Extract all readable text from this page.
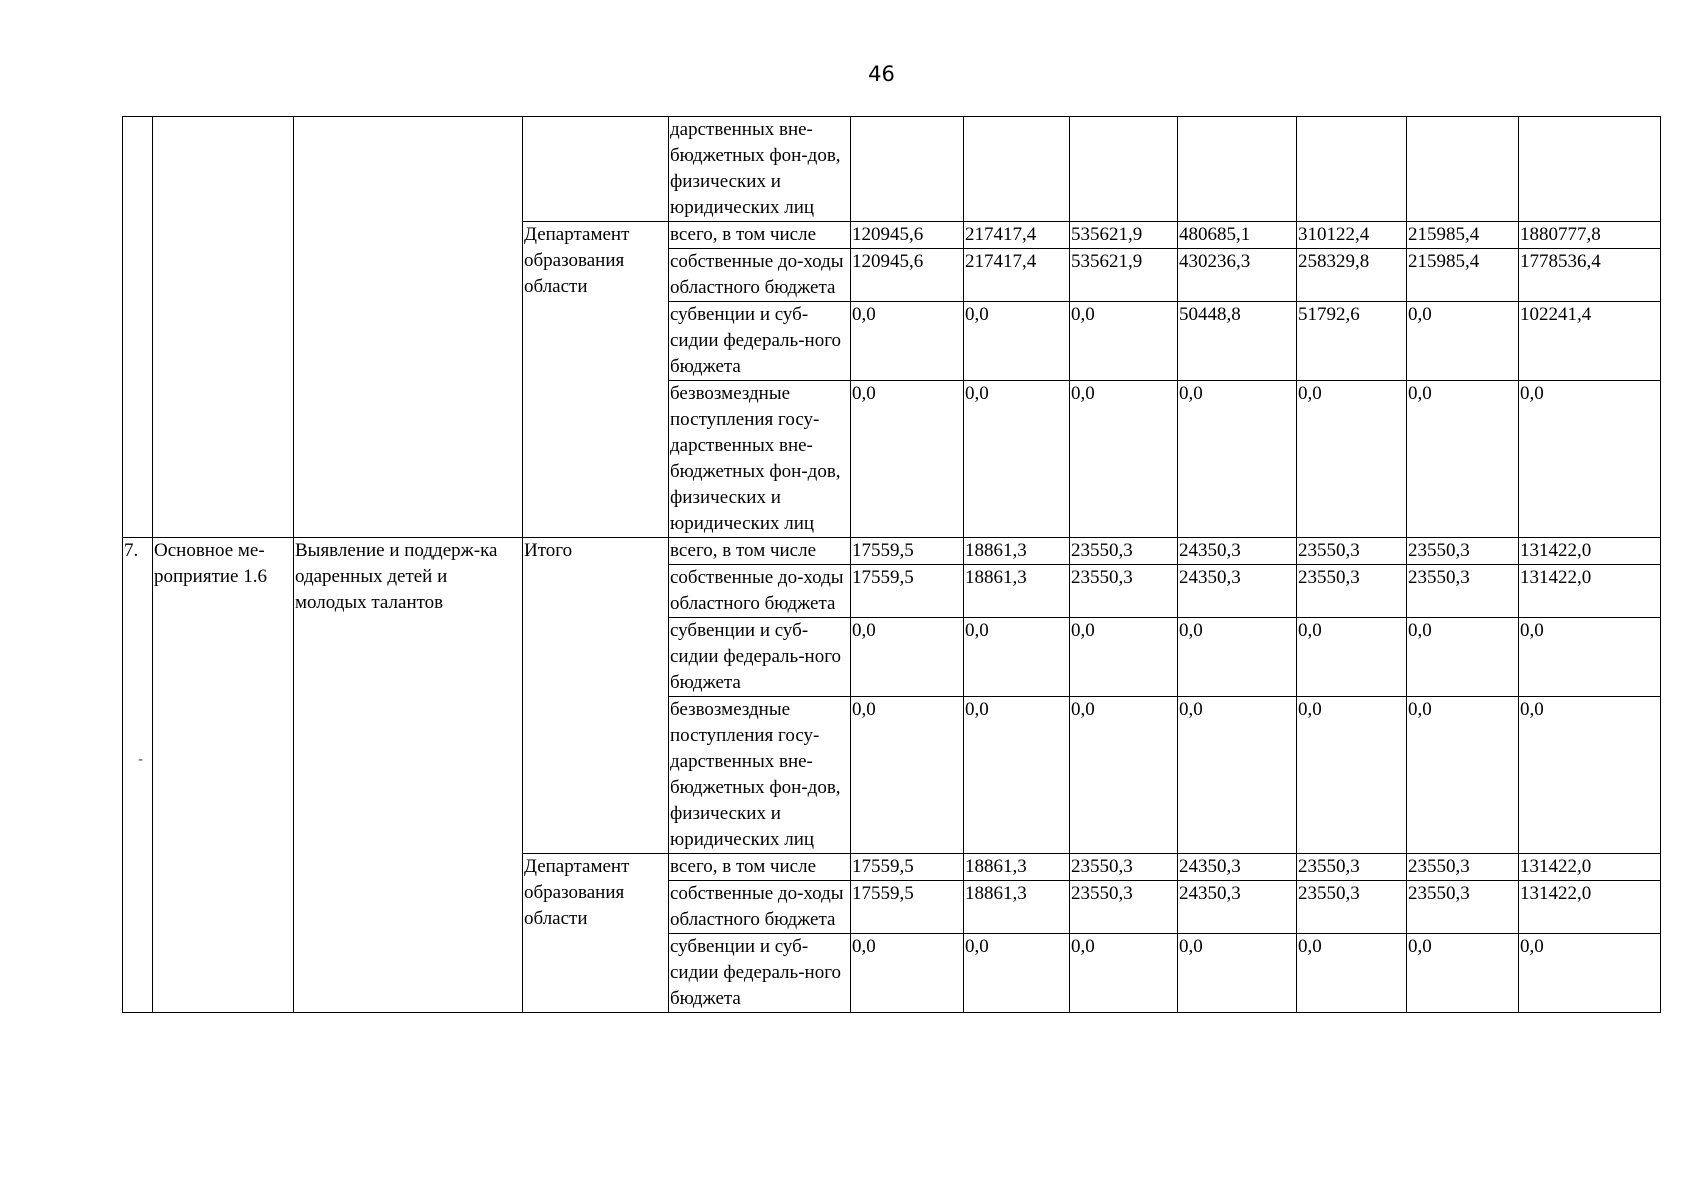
46
				дарственных вне-бюджетных фон-дов, физических и юридических лиц							
			Департамент образования области	всего, в том числе	120945,6	217417,4	535621,9	480685,1	310122,4	215985,4	1880777,8
				собственные до-ходы областного бюджета	120945,6	217417,4	535621,9	430236,3	258329,8	215985,4	1778536,4
				субвенции и суб-сидии федераль-ного бюджета	0,0	0,0	0,0	50448,8	51792,6	0,0	102241,4
				безвозмездные поступления госу-дарственных вне-бюджетных фон-дов, физических и юридических лиц	0,0	0,0	0,0	0,0	0,0	0,0	0,0
7.	Основное ме-роприятие 1.6	Выявление и поддерж-ка одаренных детей и молодых талантов	Итого	всего, в том числе	17559,5	18861,3	23550,3	24350,3	23550,3	23550,3	131422,0
				собственные до-ходы областного бюджета	17559,5	18861,3	23550,3	24350,3	23550,3	23550,3	131422,0
				субвенции и суб-сидии федераль-ного бюджета	0,0	0,0	0,0	0,0	0,0	0,0	0,0
				безвозмездные поступления госу-дарственных вне-бюджетных фон-дов, физических и юридических лиц	0,0	0,0	0,0	0,0	0,0	0,0	0,0
			Департамент образования области	всего, в том числе	17559,5	18861,3	23550,3	24350,3	23550,3	23550,3	131422,0
				собственные до-ходы областного бюджета	17559,5	18861,3	23550,3	24350,3	23550,3	23550,3	131422,0
				субвенции и суб-сидии федераль-ного бюджета	0,0	0,0	0,0	0,0	0,0	0,0	0,0
-
